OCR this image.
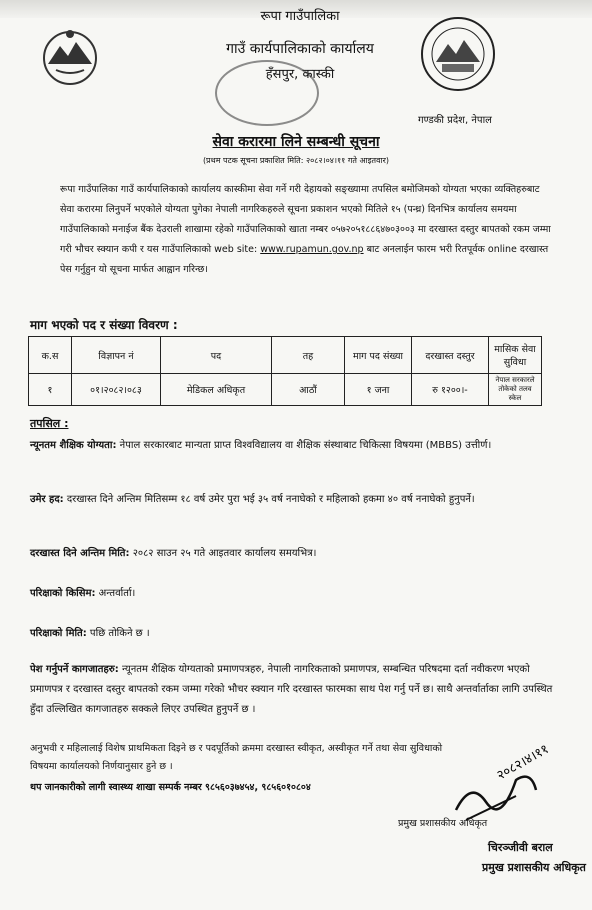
रूपा गाउँपालिका
गाउँ कार्यपालिकाको कार्यालय
हँसपुर, कास्की
गण्डकी प्रदेश, नेपाल
सेवा करारमा लिने सम्बन्धी सूचना
(प्रथम पटक सूचना प्रकाशित मिति: २०८२।०४।११ गते आइतवार)

रूपा गाउँपालिका गाउँ कार्यपालिकाको कार्यालय कास्कीमा सेवा गर्ने गरी देहायको सङ्ख्यामा तपसिल बमोजिमको योग्यता भएका व्यक्तिहरुबाट सेवा करारमा लिनुपर्ने भएकोले योग्यता पुगेका नेपाली नागरिकहरुले सूचना प्रकाशन भएको मितिले १५ (पन्ध्र) दिनभित्र कार्यालय समयमा गाउँपालिकाको मनाईज बैंक देउराली शाखामा रहेको गाउँपालिकाको खाता नम्बर ०५७२०५१८८६४७०३००३ मा दरखास्त दस्तुर बापतको रकम जम्मा गरी भौचर स्क्यान कपी र यस गाउँपालिकाको web site: www.rupamun.gov.np बाट अनलाईन फारम भरी रितपूर्वक online दरखास्त पेस गर्नुहुन यो सूचना मार्फत आह्वान गरिन्छ।

माग भएको पद र संख्या विवरण :
क.स	विज्ञापन नं	पद	तह	माग पद संख्या	दरखास्त दस्तुर	मासिक सेवा सुविधा
१	०१।२०८२।०८३	मेडिकल अधिकृत	आठौं	१ जना	रु १२००।-	नेपाल सरकारले तोकेको तलव स्केल
तपसिल :

न्यूनतम शैक्षिक योग्यता: नेपाल सरकारबाट मान्यता प्राप्त विश्वविद्यालय वा शैक्षिक संस्थाबाट चिकित्सा विषयमा (MBBS) उत्तीर्ण।

उमेर हद: दरखास्त दिने अन्तिम मितिसम्म १८ वर्ष उमेर पुरा भई ३५ वर्ष ननाघेको र महिलाको हकमा ४० वर्ष ननाघेको हुनुपर्ने।

दरखास्त दिने अन्तिम मिति: २०८२ साउन २५ गते आइतवार कार्यालय समयभित्र।

परिक्षाको किसिम: अन्तर्वार्ता।

परिक्षाको मिति: पछि तोकिने छ ।

पेश गर्नुपर्ने कागजातहरु: न्यूनतम शैक्षिक योग्यताको प्रमाणपत्रहरु, नेपाली नागरिकताको प्रमाणपत्र, सम्बन्धित परिषदमा दर्ता नवीकरण भएको प्रमाणपत्र र दरखास्त दस्तुर बापतको रकम जम्मा गरेको भौचर स्क्यान गरि दरखास्त फारमका साथ पेश गर्नु पर्ने छ। साथै अन्तर्वार्ताका लागि उपस्थित हुँदा उल्लिखित कागजातहरु सक्कले लिएर उपस्थित हुनुपर्ने छ ।

अनुभवी र महिलालाई विशेष प्राथमिकता दिइने छ र पदपूर्तिको क्रममा दरखास्त स्वीकृत, अस्वीकृत गर्ने तथा सेवा सुविधाको विषयमा कार्यालयको निर्णयानुसार हुने छ ।

थप जानकारीको लागी स्वास्थ्य शाखा सम्पर्क नम्बर ९८५६०३७४५४, ९८५६०१०८०४

२०८२।४।११
प्रमुख प्रशासकीय अधिकृत
चिरञ्जीवी बराल
प्रमुख प्रशासकीय अधिकृत
